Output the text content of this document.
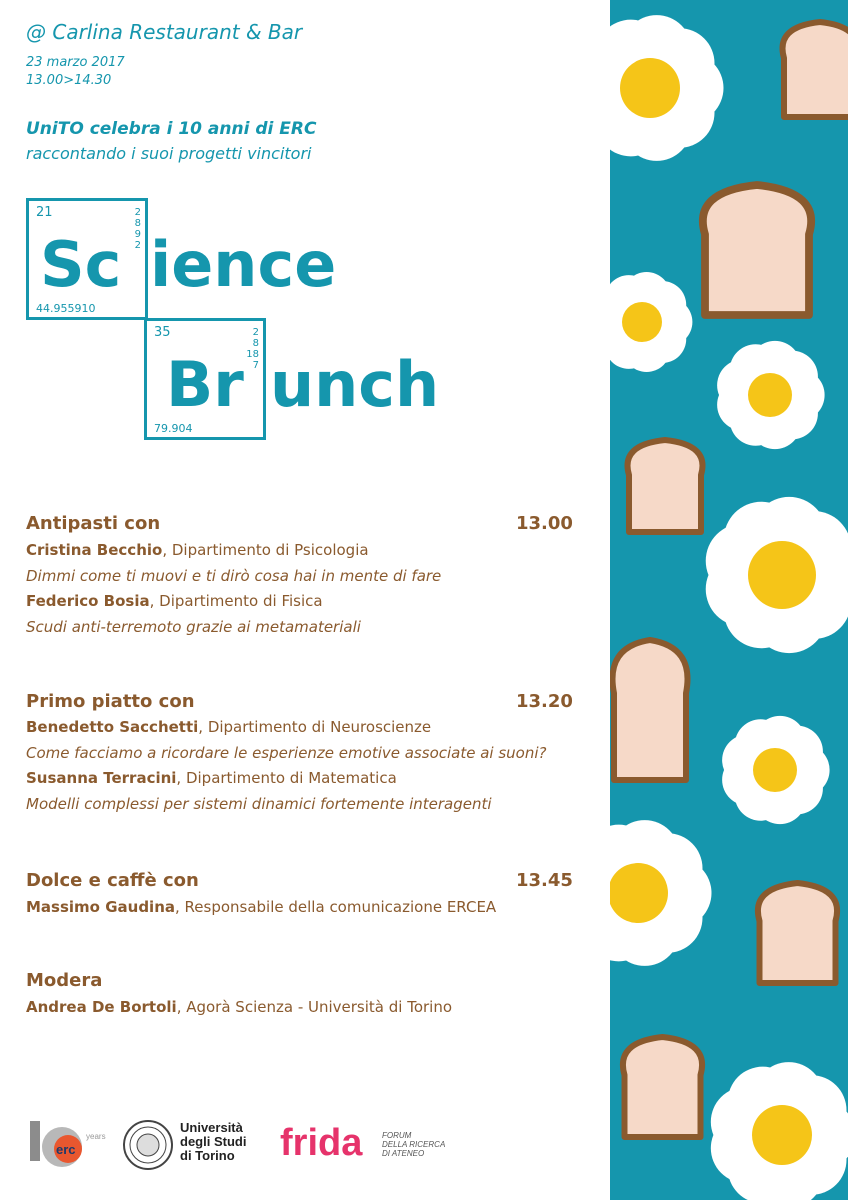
@ Carlina Restaurant & Bar
23 marzo 2017
13.00>14.30
UniTO celebra i 10 anni di ERC
raccontando i suoi progetti vincitori
21	2
8
9
2
44.955910
Sc ience
35	2
8
18
7
79.904
Br unch
Antipasti con	13.00
Cristina Becchio, Dipartimento di Psicologia
Dimmi come ti muovi e ti dirò cosa hai in mente di fare
Federico Bosia, Dipartimento di Fisica
Scudi anti-terremoto grazie ai metamateriali
Primo piatto con	13.20
Benedetto Sacchetti, Dipartimento di Neuroscienze
Come facciamo a ricordare le esperienze emotive associate ai suoni?
Susanna Terracini, Dipartimento di Matematica
Modelli complessi per sistemi dinamici fortemente interagenti
Dolce e caffè con	13.45
Massimo Gaudina, Responsabile della comunicazione ERCEA
Modera
Andrea De Bortoli, Agorà Scienza - Università di Torino
erc
years
Università
degli Studi
di Torino	frida FORUM
DELLA RICERCA
DI ATENEO
